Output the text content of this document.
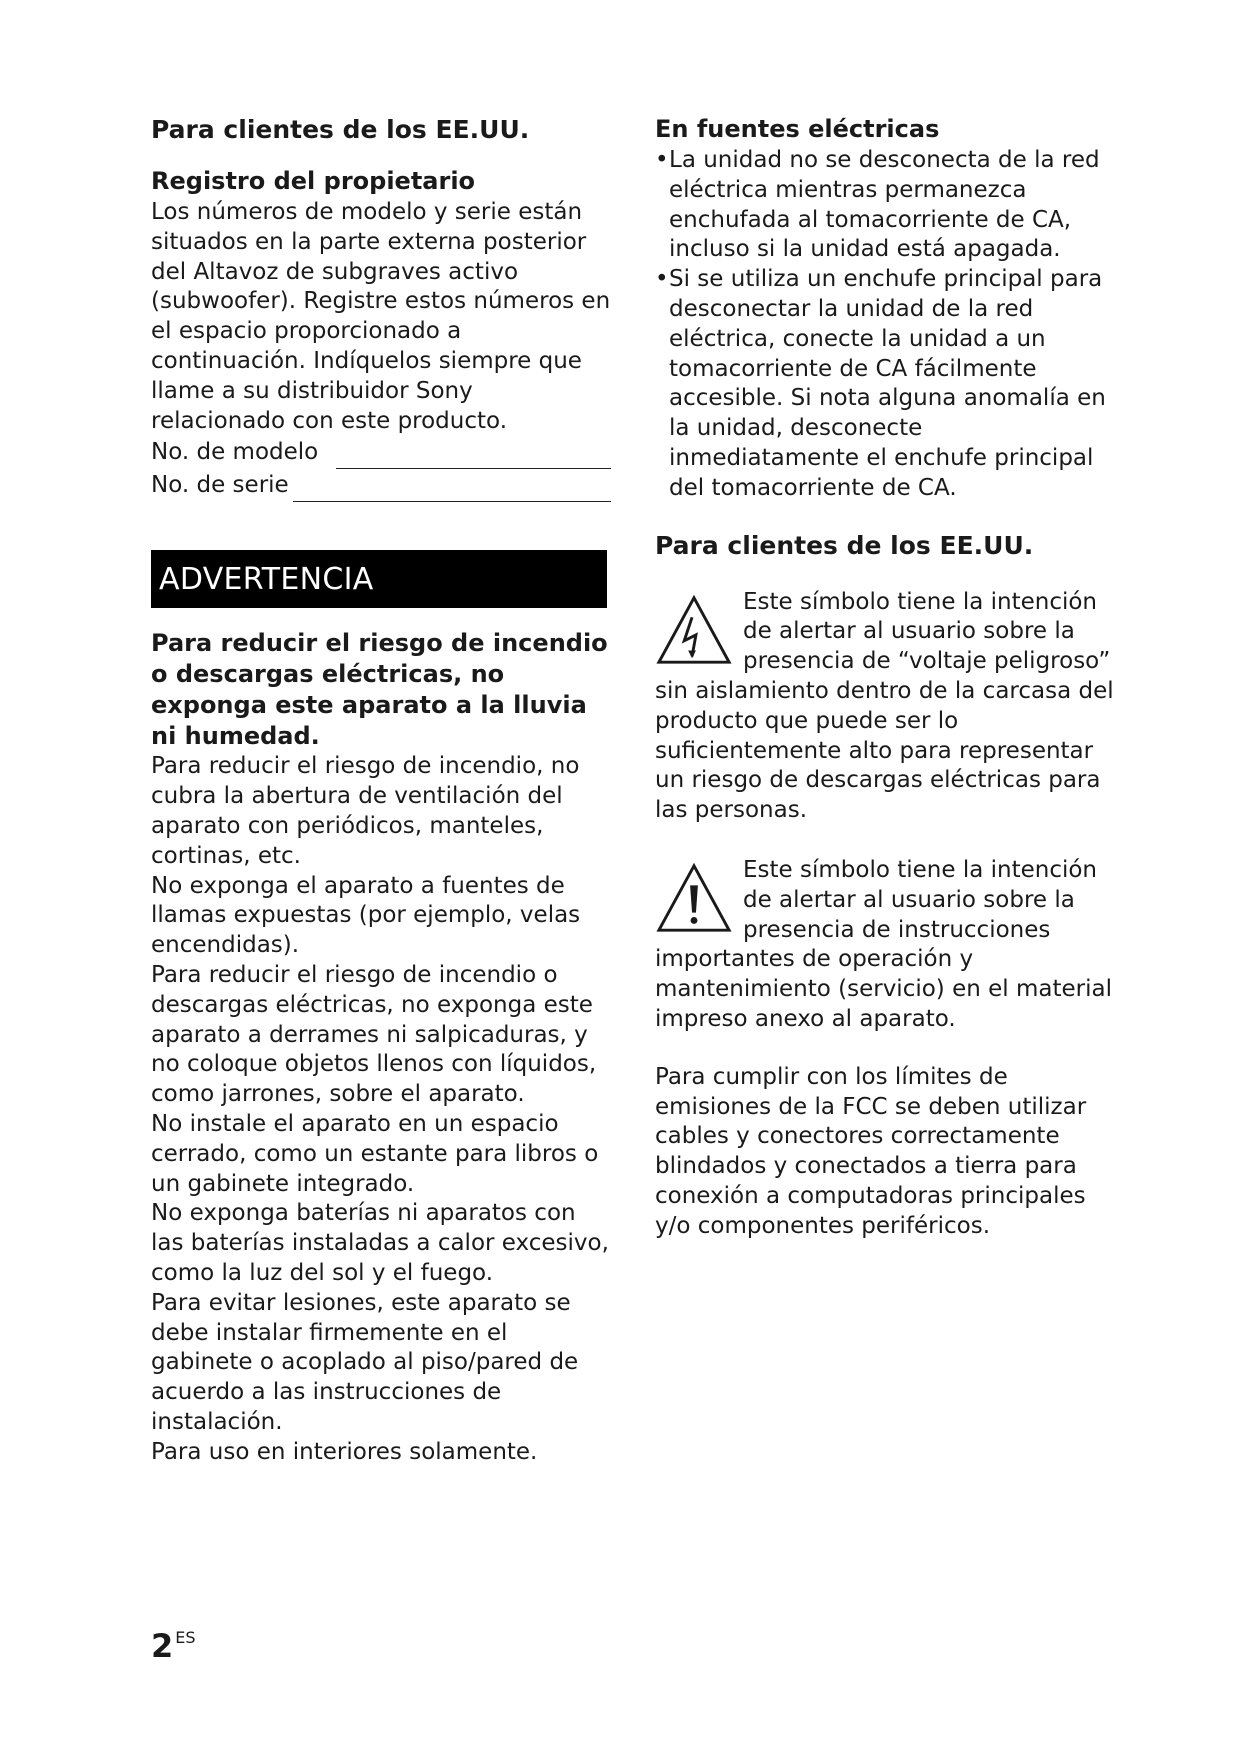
Para clientes de los EE.UU.
Registro del propietario

Los números de modelo y serie están situados en la parte externa posterior del Altavoz de subgraves activo (subwoofer). Registre estos números en el espacio proporcionado a continuación. Indíquelos siempre que llame a su distribuidor Sony relacionado con este producto.

No. de modelo
No. de serie
ADVERTENCIA
Para reducir el riesgo de incendio o descargas eléctricas, no exponga este aparato a la lluvia ni humedad.

Para reducir el riesgo de incendio, no cubra la abertura de ventilación del aparato con periódicos, manteles, cortinas, etc.

No exponga el aparato a fuentes de llamas expuestas (por ejemplo, velas encendidas).

Para reducir el riesgo de incendio o descargas eléctricas, no exponga este aparato a derrames ni salpicaduras, y no coloque objetos llenos con líquidos, como jarrones, sobre el aparato.

No instale el aparato en un espacio cerrado, como un estante para libros o un gabinete integrado.

No exponga baterías ni aparatos con las baterías instaladas a calor excesivo, como la luz del sol y el fuego.

Para evitar lesiones, este aparato se debe instalar firmemente en el gabinete o acoplado al piso/pared de acuerdo a las instrucciones de instalación.

Para uso en interiores solamente.

En fuentes eléctricas
• La unidad no se desconecta de la red eléctrica mientras permanezca enchufada al tomacorriente de CA, incluso si la unidad está apagada.
• Si se utiliza un enchufe principal para desconectar la unidad de la red eléctrica, conecte la unidad a un tomacorriente de CA fácilmente accesible. Si nota alguna anomalía en la unidad, desconecte inmediatamente el enchufe principal del tomacorriente de CA.
Para clientes de los EE.UU.

Este símbolo tiene la intención de alertar al usuario sobre la presencia de “voltaje peligroso” sin aislamiento dentro de la carcasa del producto que puede ser lo suficientemente alto para representar un riesgo de descargas eléctricas para las personas.

Este símbolo tiene la intención de alertar al usuario sobre la presencia de instrucciones importantes de operación y mantenimiento (servicio) en el material impreso anexo al aparato.

Para cumplir con los límites de emisiones de la FCC se deben utilizar cables y conectores correctamente blindados y conectados a tierra para conexión a computadoras principales y/o componentes periféricos.

2 ES
